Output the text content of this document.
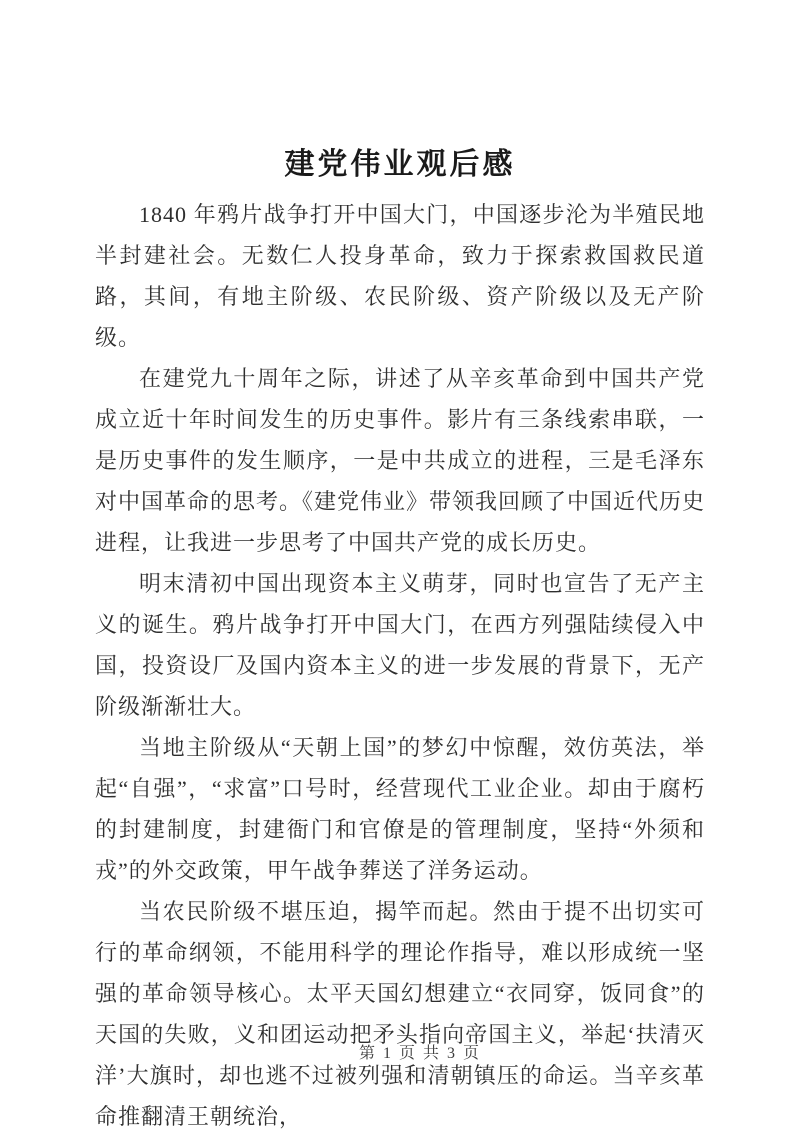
建党伟业观后感

1840 年鸦片战争打开中国大门，中国逐步沦为半殖民地半封建社会。无数仁人投身革命，致力于探索救国救民道路，其间，有地主阶级、农民阶级、资产阶级以及无产阶级。

在建党九十周年之际，讲述了从辛亥革命到中国共产党成立近十年时间发生的历史事件。影片有三条线索串联，一是历史事件的发生顺序，一是中共成立的进程，三是毛泽东对中国革命的思考。《建党伟业》带领我回顾了中国近代历史进程，让我进一步思考了中国共产党的成长历史。

明末清初中国出现资本主义萌芽，同时也宣告了无产主义的诞生。鸦片战争打开中国大门，在西方列强陆续侵入中国，投资设厂及国内资本主义的进一步发展的背景下，无产阶级渐渐壮大。

当地主阶级从“天朝上国”的梦幻中惊醒，效仿英法，举起“自强”，“求富”口号时，经营现代工业企业。却由于腐朽的封建制度，封建衙门和官僚是的管理制度，坚持“外须和戎”的外交政策，甲午战争葬送了洋务运动。

当农民阶级不堪压迫，揭竿而起。然由于提不出切实可行的革命纲领，不能用科学的理论作指导，难以形成统一坚强的革命领导核心。太平天国幻想建立“衣同穿，饭同食”的天国的失败，义和团运动把矛头指向帝国主义，举起‘扶清灭洋’大旗时，却也逃不过被列强和清朝镇压的命运。当辛亥革命推翻清王朝统治，

第 1 页 共 3 页
